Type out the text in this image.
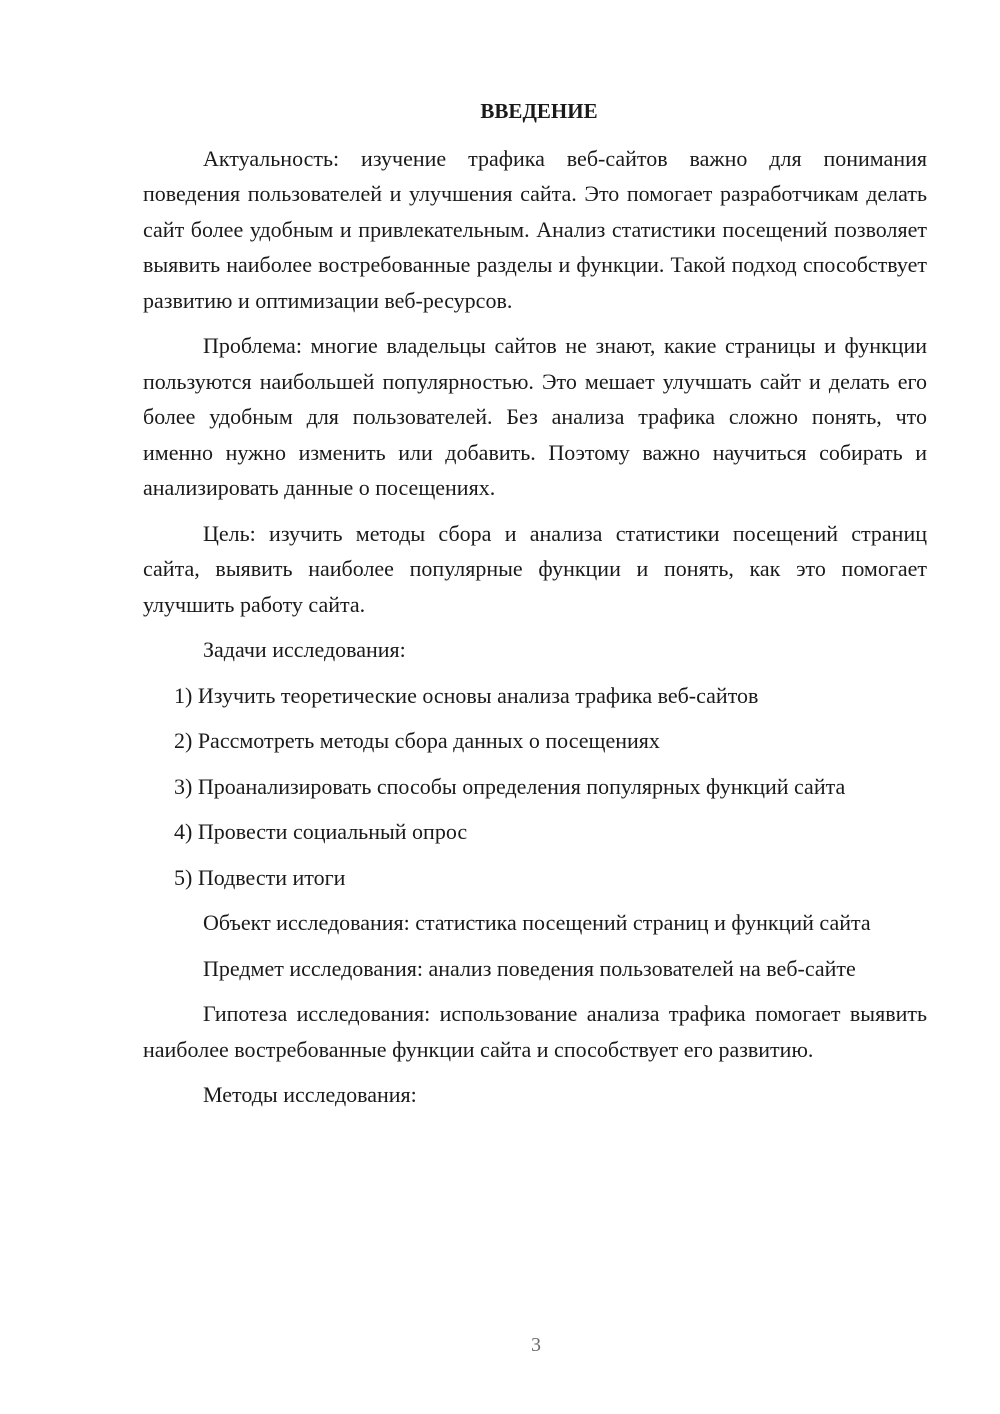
ВВЕДЕНИЕ

Актуальность: изучение трафика веб-сайтов важно для понимания поведения пользователей и улучшения сайта. Это помогает разработчикам делать сайт более удобным и привлекательным. Анализ статистики посещений позволяет выявить наиболее востребованные разделы и функции. Такой подход способствует развитию и оптимизации веб-ресурсов.

Проблема: многие владельцы сайтов не знают, какие страницы и функции пользуются наибольшей популярностью. Это мешает улучшать сайт и делать его более удобным для пользователей. Без анализа трафика сложно понять, что именно нужно изменить или добавить. Поэтому важно научиться собирать и анализировать данные о посещениях.

Цель: изучить методы сбора и анализа статистики посещений страниц сайта, выявить наиболее популярные функции и понять, как это помогает улучшить работу сайта.

Задачи исследования:

1) Изучить теоретические основы анализа трафика веб-сайтов

2) Рассмотреть методы сбора данных о посещениях

3) Проанализировать способы определения популярных функций сайта

4) Провести социальный опрос

5) Подвести итоги

Объект исследования: статистика посещений страниц и функций сайта

Предмет исследования: анализ поведения пользователей на веб-сайте

Гипотеза исследования: использование анализа трафика помогает выявить наиболее востребованные функции сайта и способствует его развитию.

Методы исследования:

3
